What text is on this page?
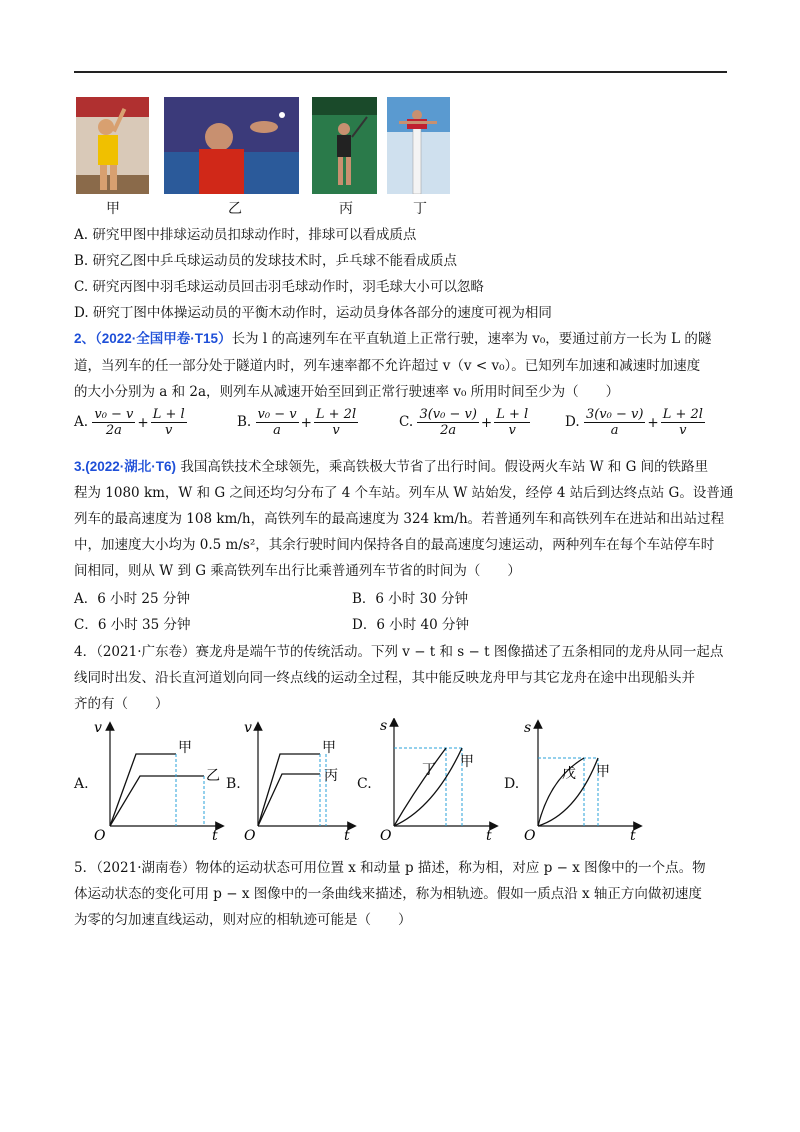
甲	乙	丙	丁
A. 研究甲图中排球运动员扣球动作时，排球可以看成质点
B. 研究乙图中乒乓球运动员的发球技术时，乒乓球不能看成质点
C. 研究丙图中羽毛球运动员回击羽毛球动作时，羽毛球大小可以忽略
D. 研究丁图中体操运动员的平衡木动作时，运动员身体各部分的速度可视为相同
2、（2022·全国甲卷·T15）长为 l 的高速列车在平直轨道上正常行驶，速率为 v₀，要通过前方一长为 L 的隧
道，当列车的任一部分处于隧道内时，列车速率都不允许超过 v（v < v₀）。已知列车加速和减速时加速度
的大小分别为 a 和 2a，则列车从减速开始至回到正常行驶速率 v₀ 所用时间至少为（　　）
A. $\frac{\text{v₀ − v}}{2a} + \frac{L + l}{v}$	B. $\frac{\text{v₀ − v}}{a} + \frac{L + 2l}{v}$	C. $\frac{\text{3(v₀ − v)}}{2a} + \frac{L + l}{v}$	D. $\frac{\text{3(v₀ − v)}}{a} + \frac{L + 2l}{v}$
3.(2022·湖北·T6) 我国高铁技术全球领先，乘高铁极大节省了出行时间。假设两火车站 W 和 G 间的铁路里
程为 1080 km，W 和 G 之间还均匀分布了 4 个车站。列车从 W 站始发，经停 4 站后到达终点站 G。设普通
列车的最高速度为 108 km/h，高铁列车的最高速度为 324 km/h。若普通列车和高铁列车在进站和出站过程
中，加速度大小均为 0.5 m/s²，其余行驶时间内保持各自的最高速度匀速运动，两种列车在每个车站停车时
间相同，则从 W 到 G 乘高铁列车出行比乘普通列车节省的时间为（　　）
A．6 小时 25 分钟	B．6 小时 30 分钟
C．6 小时 35 分钟	D．6 小时 40 分钟
4．（2021·广东卷）赛龙舟是端午节的传统活动。下列 v − t 和 s − t 图像描述了五条相同的龙舟从同一起点
线同时出发、沿长直河道划向同一终点线的运动全过程，其中能反映龙舟甲与其它龙舟在途中出现船头并
齐的有（　　）
A.
v
t
O
甲
乙 B.
v
t
O
甲
丙 C.
s
t
O
丁 甲
D.
s
t
O
戊 甲
5．（2021·湖南卷）物体的运动状态可用位置 x 和动量 p 描述，称为相，对应 p − x 图像中的一个点。物
体运动状态的变化可用 p − x 图像中的一条曲线来描述，称为相轨迹。假如一质点沿 x 轴正方向做初速度
为零的匀加速直线运动，则对应的相轨迹可能是（　　）
